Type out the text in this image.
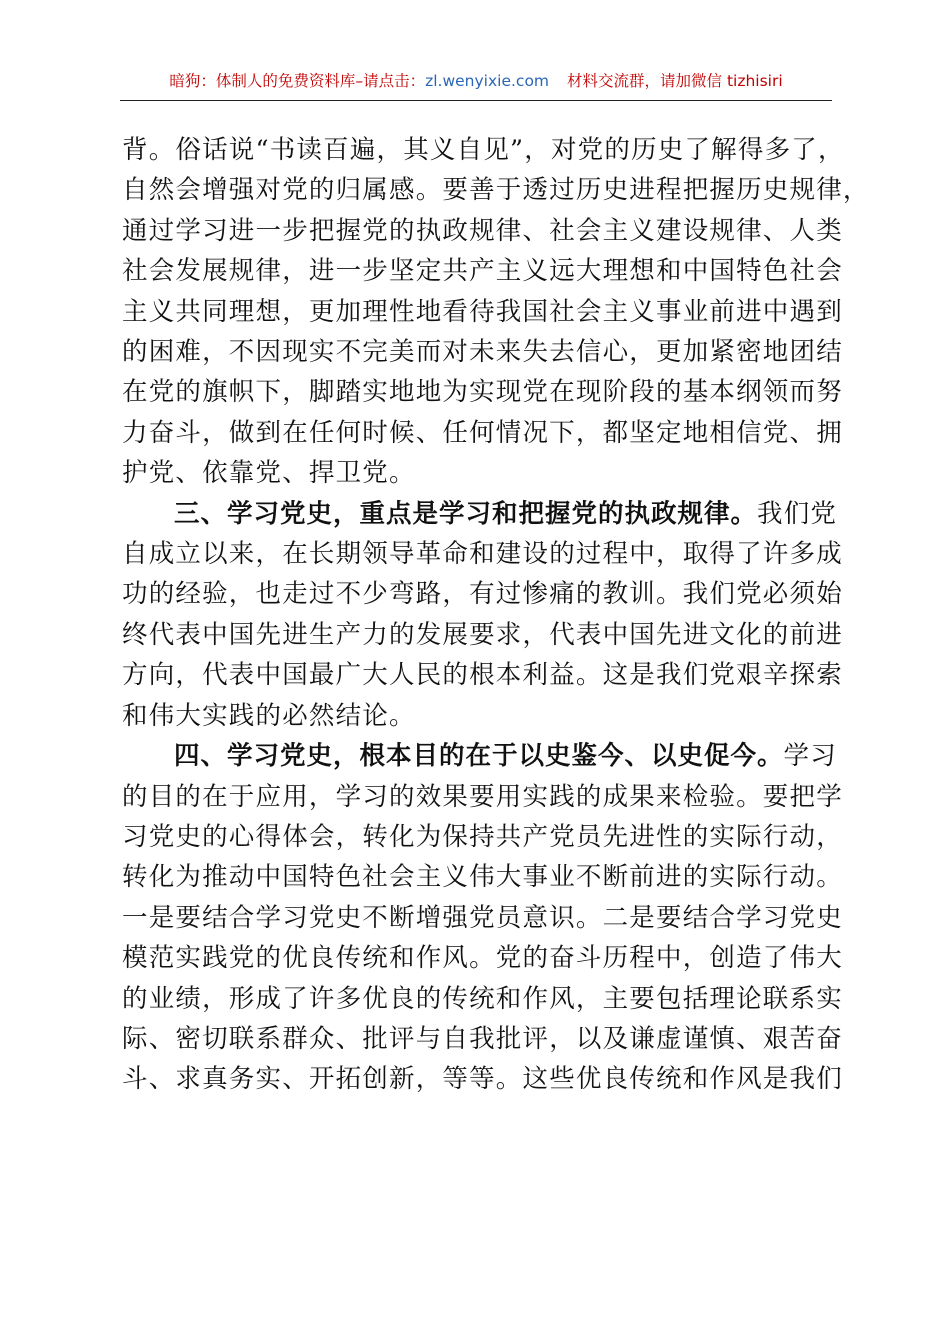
暗狗：体制人的免费资料库–请点击：zl.wenyixie.com 材料交流群，请加微信 tizhisiri
背。俗话说“书读百遍，其义自见”，对党的历史了解得多了，
自然会增强对党的归属感。要善于透过历史进程把握历史规律，
通过学习进一步把握党的执政规律、社会主义建设规律、人类
社会发展规律，进一步坚定共产主义远大理想和中国特色社会
主义共同理想，更加理性地看待我国社会主义事业前进中遇到
的困难，不因现实不完美而对未来失去信心，更加紧密地团结
在党的旗帜下，脚踏实地地为实现党在现阶段的基本纲领而努
力奋斗，做到在任何时候、任何情况下，都坚定地相信党、拥
护党、依靠党、捍卫党。
三、学习党史，重点是学习和把握党的执政规律。我们党
自成立以来，在长期领导革命和建设的过程中，取得了许多成
功的经验，也走过不少弯路，有过惨痛的教训。我们党必须始
终代表中国先进生产力的发展要求，代表中国先进文化的前进
方向，代表中国最广大人民的根本利益。这是我们党艰辛探索
和伟大实践的必然结论。
四、学习党史，根本目的在于以史鉴今、以史促今。学习
的目的在于应用，学习的效果要用实践的成果来检验。要把学
习党史的心得体会，转化为保持共产党员先进性的实际行动，
转化为推动中国特色社会主义伟大事业不断前进的实际行动。
一是要结合学习党史不断增强党员意识。二是要结合学习党史
模范实践党的优良传统和作风。党的奋斗历程中，创造了伟大
的业绩，形成了许多优良的传统和作风，主要包括理论联系实
际、密切联系群众、批评与自我批评，以及谦虚谨慎、艰苦奋
斗、求真务实、开拓创新，等等。这些优良传统和作风是我们
